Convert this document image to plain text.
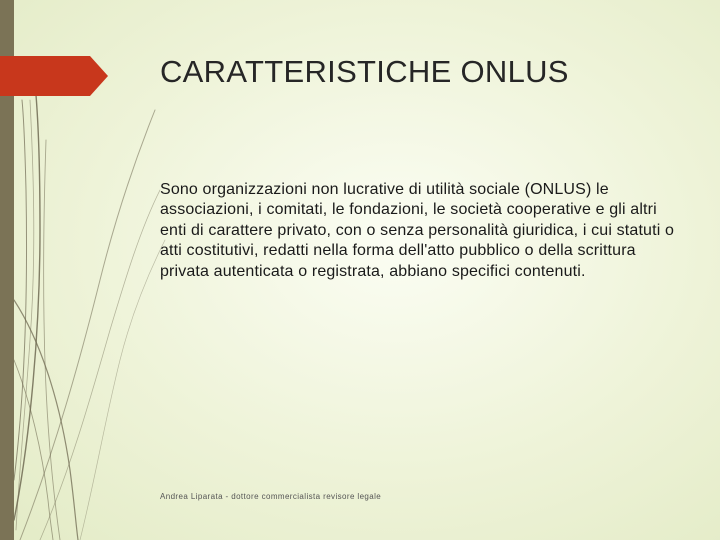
CARATTERISTICHE ONLUS
Sono organizzazioni non lucrative di utilità sociale (ONLUS) le associazioni, i comitati, le fondazioni, le società cooperative e gli altri enti di carattere privato, con o senza personalità giuridica, i cui statuti o atti costitutivi, redatti nella forma dell'atto pubblico o della scrittura privata autenticata o registrata, abbiano specifici contenuti.
Andrea Liparata - dottore commercialista revisore legale
